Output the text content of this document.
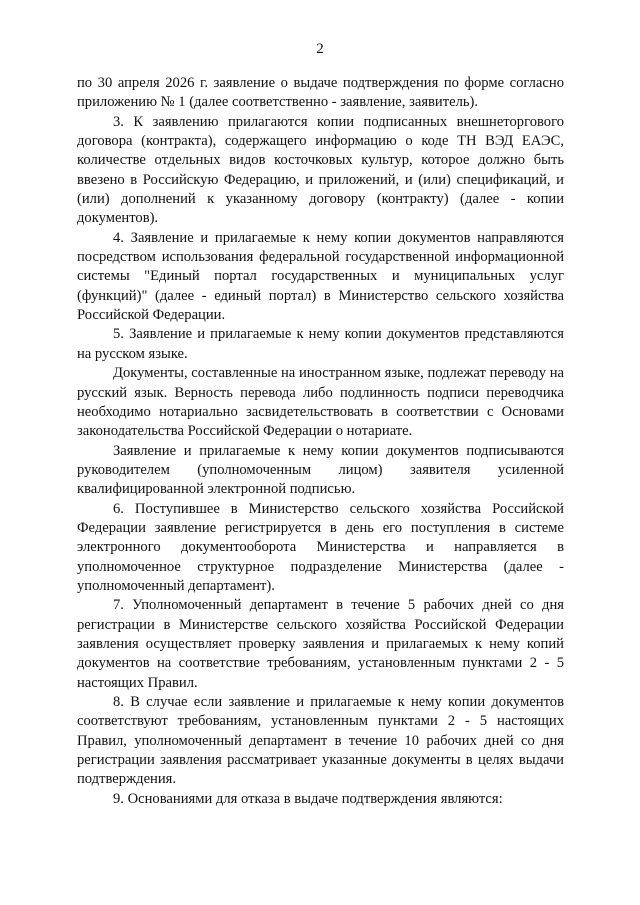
2

по 30 апреля 2026 г. заявление о выдаче подтверждения по форме согласно приложению № 1 (далее соответственно - заявление, заявитель).

3. К заявлению прилагаются копии подписанных внешнеторгового договора (контракта), содержащего информацию о коде ТН ВЭД ЕАЭС, количестве отдельных видов косточковых культур, которое должно быть ввезено в Российскую Федерацию, и приложений, и (или) спецификаций, и (или) дополнений к указанному договору (контракту) (далее - копии документов).

4. Заявление и прилагаемые к нему копии документов направляются посредством использования федеральной государственной информационной системы "Единый портал государственных и муниципальных услуг (функций)" (далее - единый портал) в Министерство сельского хозяйства Российской Федерации.

5. Заявление и прилагаемые к нему копии документов представляются на русском языке.

Документы, составленные на иностранном языке, подлежат переводу на русский язык. Верность перевода либо подлинность подписи переводчика необходимо нотариально засвидетельствовать в соответствии с Основами законодательства Российской Федерации о нотариате.

Заявление и прилагаемые к нему копии документов подписываются руководителем (уполномоченным лицом) заявителя усиленной квалифицированной электронной подписью.

6. Поступившее в Министерство сельского хозяйства Российской Федерации заявление регистрируется в день его поступления в системе электронного документооборота Министерства и направляется в уполномоченное структурное подразделение Министерства (далее - уполномоченный департамент).

7. Уполномоченный департамент в течение 5 рабочих дней со дня регистрации в Министерстве сельского хозяйства Российской Федерации заявления осуществляет проверку заявления и прилагаемых к нему копий документов на соответствие требованиям, установленным пунктами 2 - 5 настоящих Правил.

8. В случае если заявление и прилагаемые к нему копии документов соответствуют требованиям, установленным пунктами 2 - 5 настоящих Правил, уполномоченный департамент в течение 10 рабочих дней со дня регистрации заявления рассматривает указанные документы в целях выдачи подтверждения.

9. Основаниями для отказа в выдаче подтверждения являются:
